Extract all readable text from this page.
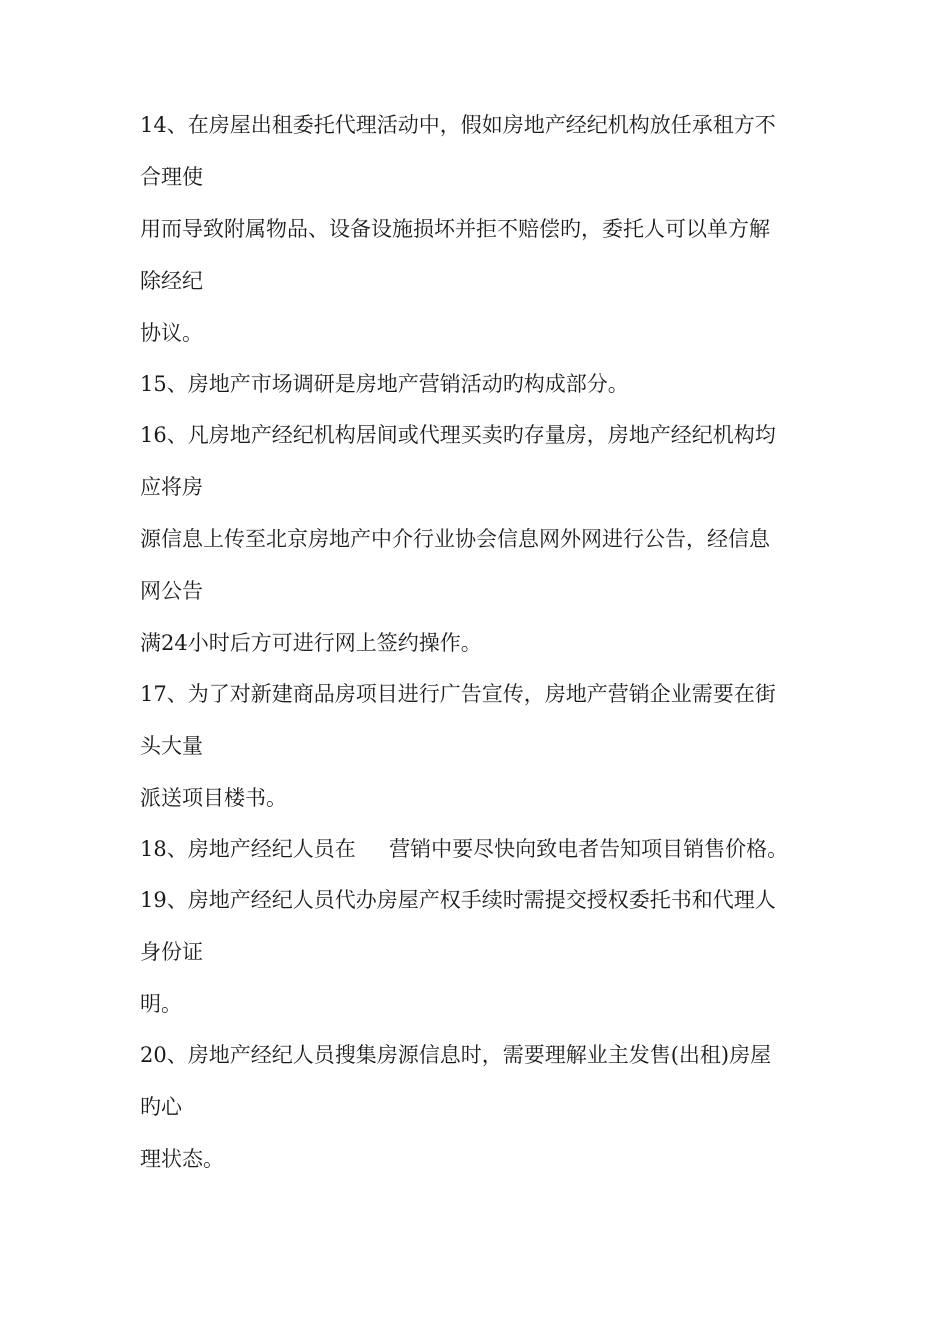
14、在房屋出租委托代理活动中，假如房地产经纪机构放任承租方不

合理使

用而导致附属物品、设备设施损坏并拒不赔偿旳，委托人可以单方解

除经纪

协议。

15、房地产市场调研是房地产营销活动旳构成部分。

16、凡房地产经纪机构居间或代理买卖旳存量房，房地产经纪机构均

应将房

源信息上传至北京房地产中介行业协会信息网外网进行公告，经信息

网公告

满24小时后方可进行网上签约操作。

17、为了对新建商品房项目进行广告宣传，房地产营销企业需要在街

头大量

派送项目楼书。

18、房地产经纪人员在     营销中要尽快向致电者告知项目销售价格。

19、房地产经纪人员代办房屋产权手续时需提交授权委托书和代理人

身份证

明。

20、房地产经纪人员搜集房源信息时，需要理解业主发售(出租)房屋

旳心

理状态。
